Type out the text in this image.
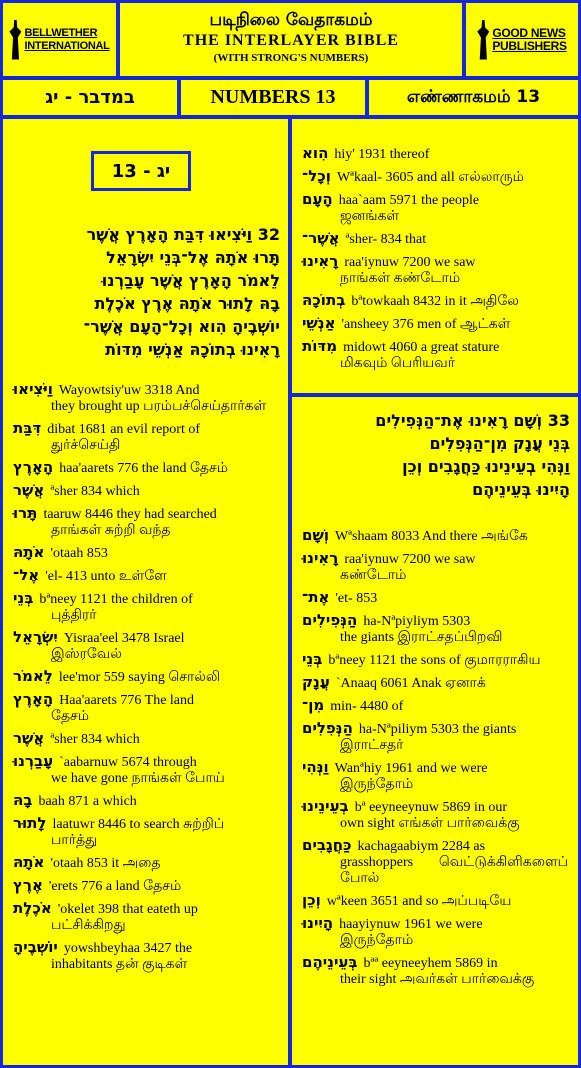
BELLWETHER
INTERNATIONAL
படிநிலை வேதாகமம்
THE INTERLAYER BIBLE
(WITH STRONG'S NUMBERS)
GOOD NEWS
PUBLISHERS
במדבר - יג	NUMBERS 13	எண்ணாகமம் 13
יג - 13
32 וַיֹּצִיאוּ דִּבַּת הָאָרֶץ אֲשֶׁר
תָּרוּ אֹתָהּ אֶל־בְּנֵי יִשְׂרָאֵל
לֵאמֹר הָאָרֶץ אֲשֶׁר עָבַרְנוּ
בָהּ לָתוּר אֹתָהּ אֶרֶץ אֹכֶלֶת
יוֹשְׁבֶיהָ הִוא וְכָל־הָעָם אֲשֶׁר־
רָאִינוּ בְתוֹכָהּ אַנְשֵׁי מִדּוֹת
וַיֹּצִיאוּ Wayowtsiy'uw 3318 And
they brought up பரம்பச்செய்தார்கள்
דִּבַּת dibat 1681 an evil report of
துர்ச்செய்தி
הָאָרֶץ haa'aarets 776 the land தேசம்
אֲשֶׁר ªsher 834 which
תָּרוּ taaruw 8446 they had searched
தாங்கள் சுற்றி வந்த
אֹתָהּ 'otaah 853
אֶל־ 'el- 413 unto உள்ளே
בְּנֵי bªneey 1121 the children of
புத்திரர்
יִשְׂרָאֵל Yisraa'eel 3478 Israel
இஸ்ரவேல்
לֵאמֹר lee'mor 559 saying சொல்லி
הָאָרֶץ Haa'aarets 776 The land
தேசம்
אֲשֶׁר ªsher 834 which
עָבַרְנוּ `aabarnuw 5674 through
we have gone நாங்கள் போய்
בָהּ baah 871 a which
לָתוּר laatuwr 8446 to search சுற்றிப்
பார்த்து
אֹתָהּ 'otaah 853 it அதை
אֶרֶץ 'erets 776 a land தேசம்
אֹכֶלֶת 'okelet 398 that eateth up
பட்சிக்கிறது
יוֹשְׁבֶיהָ yowshbeyhaa 3427 the
inhabitants தன் குடிகள்
הִוא hiy' 1931 thereof
וְכָל־ Wªkaal- 3605 and all எல்லாரும்
הָעָם haa`aam 5971 the people
ஜனங்கள்
אֲשֶׁר־ ªsher- 834 that
רָאִינוּ raa'iynuw 7200 we saw
நாங்கள் கண்டோம்
בְתוֹכָהּ bªtowkaah 8432 in it அதிலே
אַנְשֵׁי 'ansheey 376 men of ஆட்கள்
מִדּוֹת midowt 4060 a great stature
மிகவும் பெரியவர்
33 וְשָׁם רָאִינוּ אֶת־הַנְּפִילִים
בְּנֵי עֲנָק מִן־הַנְּפִלִים
וַנְּהִי בְעֵינֵינוּ כַּחֲגָבִים וְכֵן
הָיִינוּ בְּעֵינֵיהֶם
וְשָׁם Wªshaam 8033 And there அங்கே
רָאִינוּ raa'iynuw 7200 we saw
கண்டோம்
אֶת־ 'et- 853
הַנְּפִילִים ha-Nªpiyliym 5303
the giants இராட்சதப்பிறவி
בְּנֵי bªneey 1121 the sons of குமாரராகிய
עֲנָק `Anaaq 6061 Anak ஏனாக்
מִן־ min- 4480 of
הַנְּפִלִים ha-Nªpiliym 5303 the giants
இராட்சதர்
וַנְּהִי Wanªhiy 1961 and we were
இருந்தோம்
בְעֵינֵינוּ bª eeyneeynuw 5869 in our
own sight எங்கள் பார்வைக்கு
כַּחֲגָבִים kachagaabiym 2284 as
grasshoppers வெட்டுக்கிளிகளைப் போல்
וְכֵן wªkeen 3651 and so அப்படியே
הָיִינוּ haayiynuw 1961 we were
இருந்தோம்
בְּעֵינֵיהֶם bªª eeyneeyhem 5869 in
their sight அவர்கள் பார்வைக்கு
